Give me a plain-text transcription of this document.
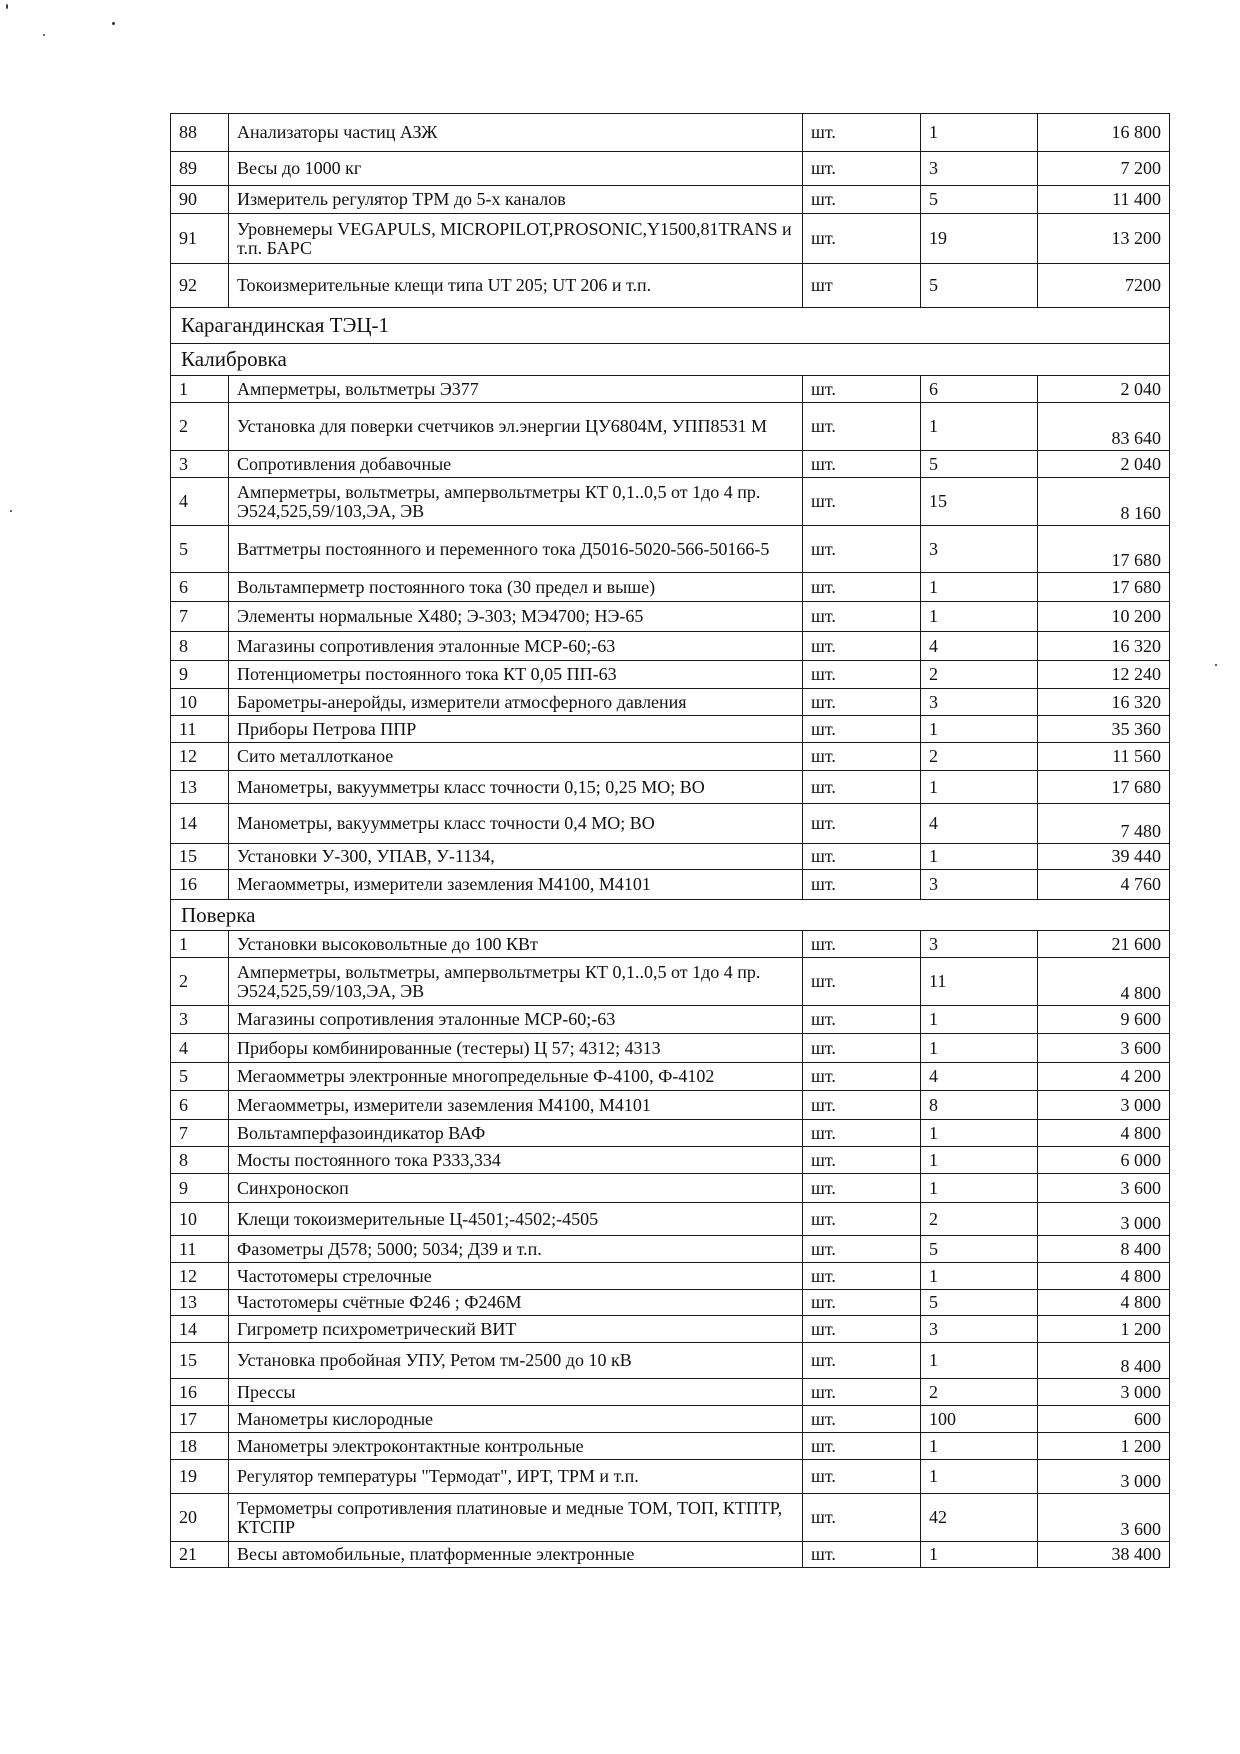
88	Анализаторы частиц АЗЖ	шт.	1	16 800
89	Весы до 1000 кг	шт.	3	7 200
90	Измеритель регулятор ТРМ до 5-х каналов	шт.	5	11 400
91	Уровнемеры VEGAPULS, MICROPILOT,PROSONIC,Y1500,81TRANS и т.п. БАРС	шт.	19	13 200
92	Токоизмерительные клещи типа UT 205; UT 206 и т.п.	шт	5	7200
Карагандинская ТЭЦ-1				
Калибровка				
1	Амперметры, вольтметры Э377	шт.	6	2 040
2	Установка для поверки счетчиков эл.энергии ЦУ6804М, УПП8531 М	шт.	1	83 640
3	Сопротивления добавочные	шт.	5	2 040
4	Амперметры, вольтметры, ампервольтметры КТ 0,1..0,5 от 1до 4 пр. Э524,525,59/103,ЭА, ЭВ	шт.	15	8 160
5	Ваттметры постоянного и переменного тока Д5016-5020-566-50166-5	шт.	3	17 680
6	Вольтамперметр постоянного тока (30 предел и выше)	шт.	1	17 680
7	Элементы нормальные Х480; Э-303; МЭ4700; НЭ-65	шт.	1	10 200
8	Магазины сопротивления эталонные МСР-60;-63	шт.	4	16 320
9	Потенциометры постоянного тока КТ 0,05 ПП-63	шт.	2	12 240
10	Барометры-анеройды, измерители атмосферного давления	шт.	3	16 320
11	Приборы Петрова ППР	шт.	1	35 360
12	Сито металлотканое	шт.	2	11 560
13	Манометры, вакуумметры класс точности 0,15; 0,25 МО; ВО	шт.	1	17 680
14	Манометры, вакуумметры класс точности 0,4 МО; ВО	шт.	4	7 480
15	Установки У-300, УПАВ, У-1134,	шт.	1	39 440
16	Мегаомметры, измерители заземления М4100, М4101	шт.	3	4 760
Поверка				
1	Установки высоковольтные до 100 КВт	шт.	3	21 600
2	Амперметры, вольтметры, ампервольтметры КТ 0,1..0,5 от 1до 4 пр. Э524,525,59/103,ЭА, ЭВ	шт.	11	4 800
3	Магазины сопротивления эталонные МСР-60;-63	шт.	1	9 600
4	Приборы комбинированные (тестеры) Ц 57; 4312; 4313	шт.	1	3 600
5	Мегаомметры электронные многопредельные Ф-4100, Ф-4102	шт.	4	4 200
6	Мегаомметры, измерители заземления М4100, М4101	шт.	8	3 000
7	Вольтамперфазоиндикатор ВАФ	шт.	1	4 800
8	Мосты постоянного тока Р333,334	шт.	1	6 000
9	Синхроноскоп	шт.	1	3 600
10	Клещи токоизмерительные Ц-4501;-4502;-4505	шт.	2	3 000
11	Фазометры Д578; 5000; 5034; Д39 и т.п.	шт.	5	8 400
12	Частотомеры стрелочные	шт.	1	4 800
13	Частотомеры счётные Ф246 ; Ф246М	шт.	5	4 800
14	Гигрометр психрометрический ВИТ	шт.	3	1 200
15	Установка пробойная УПУ, Ретом тм-2500 до 10 кВ	шт.	1	8 400
16	Прессы	шт.	2	3 000
17	Манометры кислородные	шт.	100	600
18	Манометры электроконтактные контрольные	шт.	1	1 200
19	Регулятор температуры "Термодат", ИРТ, ТРМ и т.п.	шт.	1	3 000
20	Термометры сопротивления платиновые и медные ТОМ, ТОП, КТПТР, КТСПР	шт.	42	3 600
21	Весы автомобильные, платформенные электронные	шт.	1	38 400
